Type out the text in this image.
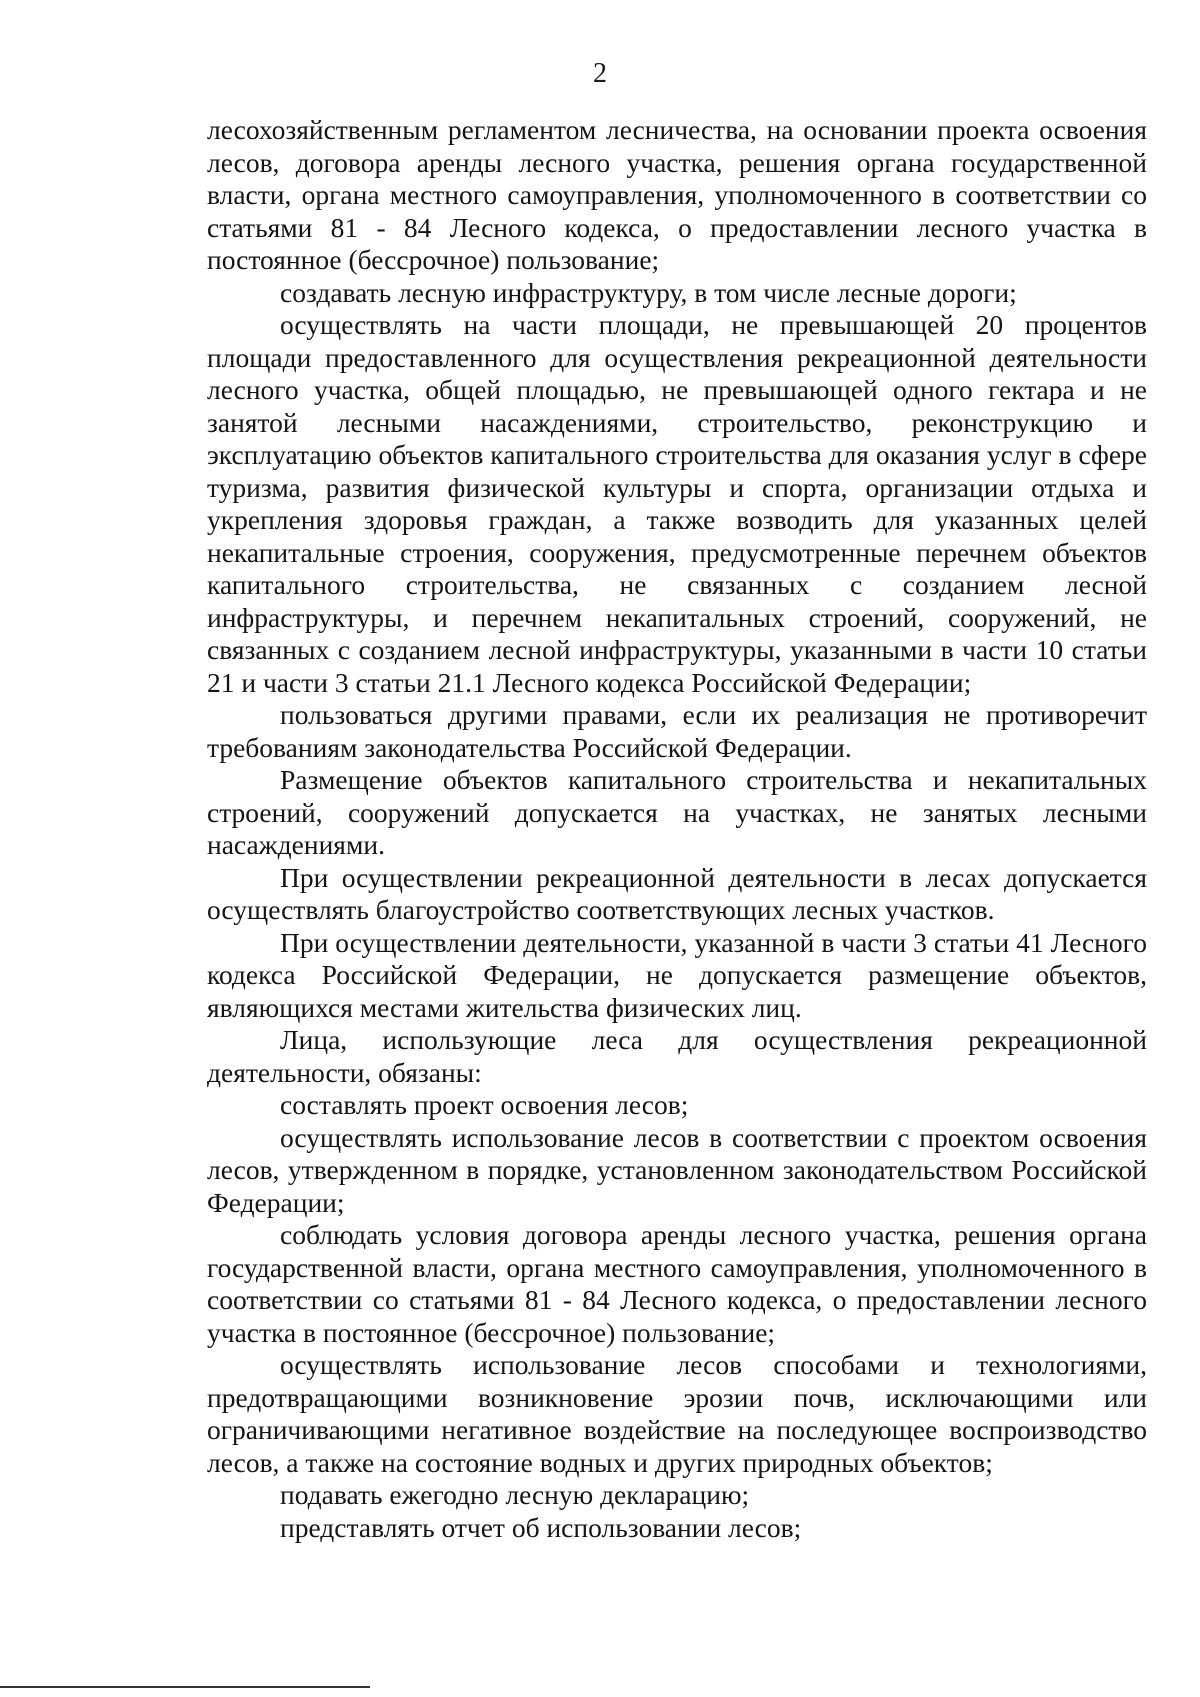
2

лесохозяйственным регламентом лесничества, на основании проекта освоения лесов, договора аренды лесного участка, решения органа государственной власти, органа местного самоуправления, уполномоченного в соответствии со статьями 81 - 84 Лесного кодекса, о предоставлении лесного участка в постоянное (бессрочное) пользование;

создавать лесную инфраструктуру, в том числе лесные дороги;

осуществлять на части площади, не превышающей 20 процентов площади предоставленного для осуществления рекреационной деятельности лесного участка, общей площадью, не превышающей одного гектара и не занятой лесными насаждениями, строительство, реконструкцию и эксплуатацию объектов капитального строительства для оказания услуг в сфере туризма, развития физической культуры и спорта, организации отдыха и укрепления здоровья граждан, а также возводить для указанных целей некапитальные строения, сооружения, предусмотренные перечнем объектов капитального строительства, не связанных с созданием лесной инфраструктуры, и перечнем некапитальных строений, сооружений, не связанных с созданием лесной инфраструктуры, указанными в части 10 статьи 21 и части 3 статьи 21.1 Лесного кодекса Российской Федерации;

пользоваться другими правами, если их реализация не противоречит требованиям законодательства Российской Федерации.

Размещение объектов капитального строительства и некапитальных строений, сооружений допускается на участках, не занятых лесными насаждениями.

При осуществлении рекреационной деятельности в лесах допускается осуществлять благоустройство соответствующих лесных участков.

При осуществлении деятельности, указанной в части 3 статьи 41 Лесного кодекса Российской Федерации, не допускается размещение объектов, являющихся местами жительства физических лиц.

Лица, использующие леса для осуществления рекреационной деятельности, обязаны:

составлять проект освоения лесов;

осуществлять использование лесов в соответствии с проектом освоения лесов, утвержденном в порядке, установленном законодательством Российской Федерации;

соблюдать условия договора аренды лесного участка, решения органа государственной власти, органа местного самоуправления, уполномоченного в соответствии со статьями 81 - 84 Лесного кодекса, о предоставлении лесного участка в постоянное (бессрочное) пользование;

осуществлять использование лесов способами и технологиями, предотвращающими возникновение эрозии почв, исключающими или ограничивающими негативное воздействие на последующее воспроизводство лесов, а также на состояние водных и других природных объектов;

подавать ежегодно лесную декларацию;

представлять отчет об использовании лесов;
